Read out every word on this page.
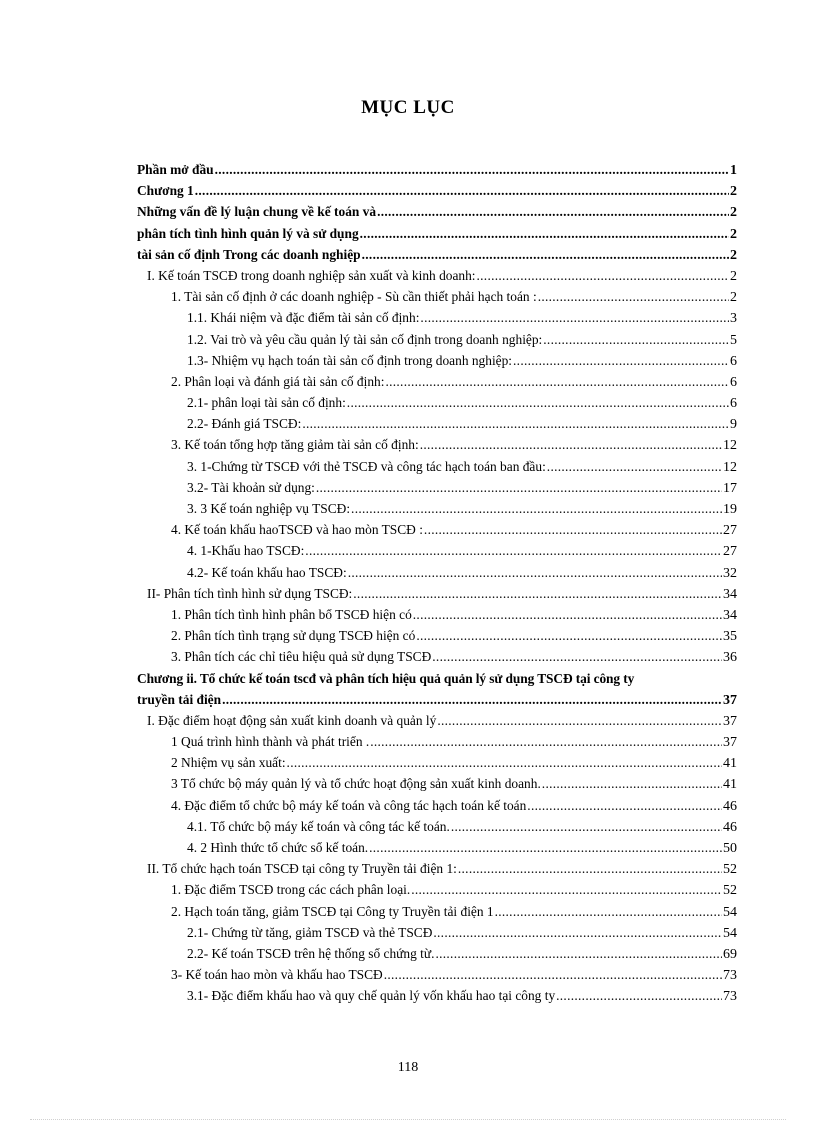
MỤC LỤC
Phần mở đầu .....	1
Chương 1 .....	2
Những vấn đề lý luận chung về kế toán và .....	2
phân tích tình hình quản lý và sử dụng .....	2
tài sản cố định Trong các doanh nghiệp .....	2
I. Kế toán TSCĐ trong doanh nghiệp sản xuất và kinh doanh: .....	2
1. Tài sản cố định ở các doanh nghiệp - Sù cần thiết phải hạch toán : .....	2
1.1. Khái niệm và đặc điểm tài sản cố định: .....	3
1.2. Vai trò và yêu cầu quản lý tài sản cố định trong doanh nghiệp: .....	5
1.3- Nhiệm vụ hạch toán tài sản cố định trong doanh nghiệp: .....	6
2. Phân loại và đánh giá tài sản cố định: .....	6
2.1- phân loại tài sản cố định: .....	6
2.2- Đánh giá TSCĐ: .....	9
3. Kế toán tổng hợp tăng giảm tài sản cố định: .....	12
3. 1-Chứng từ TSCĐ với thẻ TSCĐ và công tác hạch toán ban đầu: .....	12
3.2- Tài khoản sử dụng: .....	17
3. 3 Kế toán nghiệp vụ TSCĐ: .....	19
4. Kế toán khấu haoTSCĐ và hao mòn TSCĐ : .....	27
4. 1-Khấu hao TSCĐ: .....	27
4.2- Kế toán khấu hao TSCĐ: .....	32
II- Phân tích tình hình sử dụng TSCĐ: .....	34
1. Phân tích tình hình phân bổ TSCĐ hiện có .....	34
2. Phân tích tình trạng sử dụng TSCĐ hiện có .....	35
3. Phân tích các chỉ tiêu hiệu quả sử dụng TSCĐ .....	36
Chương ii. Tổ chức kế toán tscđ và phân tích hiệu quả quản lý sử dụng TSCĐ tại công ty
truyền tải điện .....	37
I. Đặc điểm hoạt động sản xuất kinh doanh và quản lý .....	37
1 Quá trình hình thành và phát triển . .....	37
2 Nhiệm vụ sản xuất: .....	41
3 Tổ chức bộ máy quản lý và tổ chức hoạt động sản xuất kinh doanh. .....	41
4. Đặc điểm tổ chức bộ máy kế toán và công tác hạch toán kế toán .....	46
4.1. Tổ chức bộ máy kế toán và công tác kế toán. .....	46
4. 2 Hình thức tổ chức sổ kế toán. .....	50
II. Tổ chức hạch toán TSCĐ tại công ty Truyền tải điện 1: .....	52
1. Đặc điểm TSCĐ trong các cách phân loại. .....	52
2. Hạch toán tăng, giảm TSCĐ tại Công ty Truyền tải điện 1 .....	54
2.1- Chứng từ tăng, giảm TSCĐ và thẻ TSCĐ .....	54
2.2- Kế toán TSCĐ trên hệ thống sổ chứng từ. .....	69
3- Kế toán hao mòn và khấu hao TSCĐ .....	73
3.1- Đặc điểm khấu hao và quy chế quản lý vốn khấu hao tại công ty .....	73
118
